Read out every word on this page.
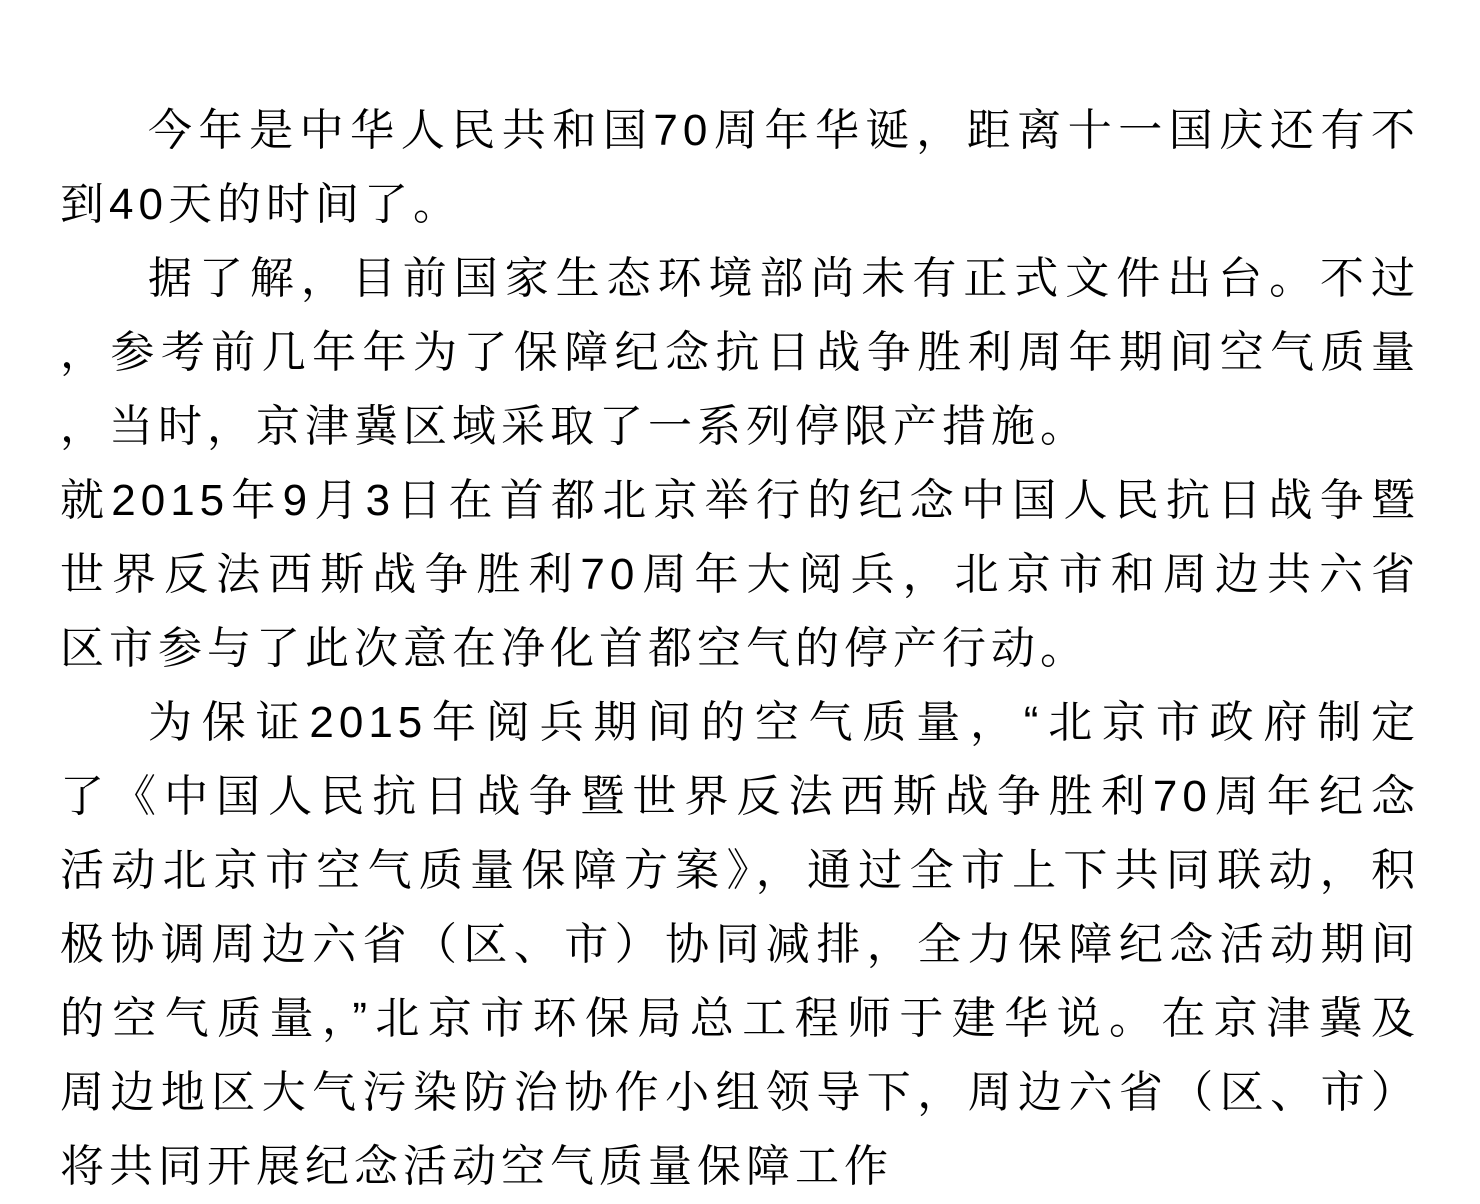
今年是中华人民共和国70周年华诞，距离十一国庆还有不
到40天的时间了。
据了解，目前国家生态环境部尚未有正式文件出台。不过
，参考前几年年为了保障纪念抗日战争胜利周年期间空气质量
，当时，京津冀区域采取了一系列停限产措施。
就2015年9月3日在首都北京举行的纪念中国人民抗日战争暨
世界反法西斯战争胜利70周年大阅兵，北京市和周边共六省
区市参与了此次意在净化首都空气的停产行动。
为保证2015年阅兵期间的空气质量，“北京市政府制定
了《中国人民抗日战争暨世界反法西斯战争胜利70周年纪念
活动北京市空气质量保障方案》，通过全市上下共同联动，积
极协调周边六省（区、市）协同减排，全力保障纪念活动期间
的空气质量，”北京市环保局总工程师于建华说。在京津冀及
周边地区大气污染防治协作小组领导下，周边六省（区、市）
将共同开展纪念活动空气质量保障工作
